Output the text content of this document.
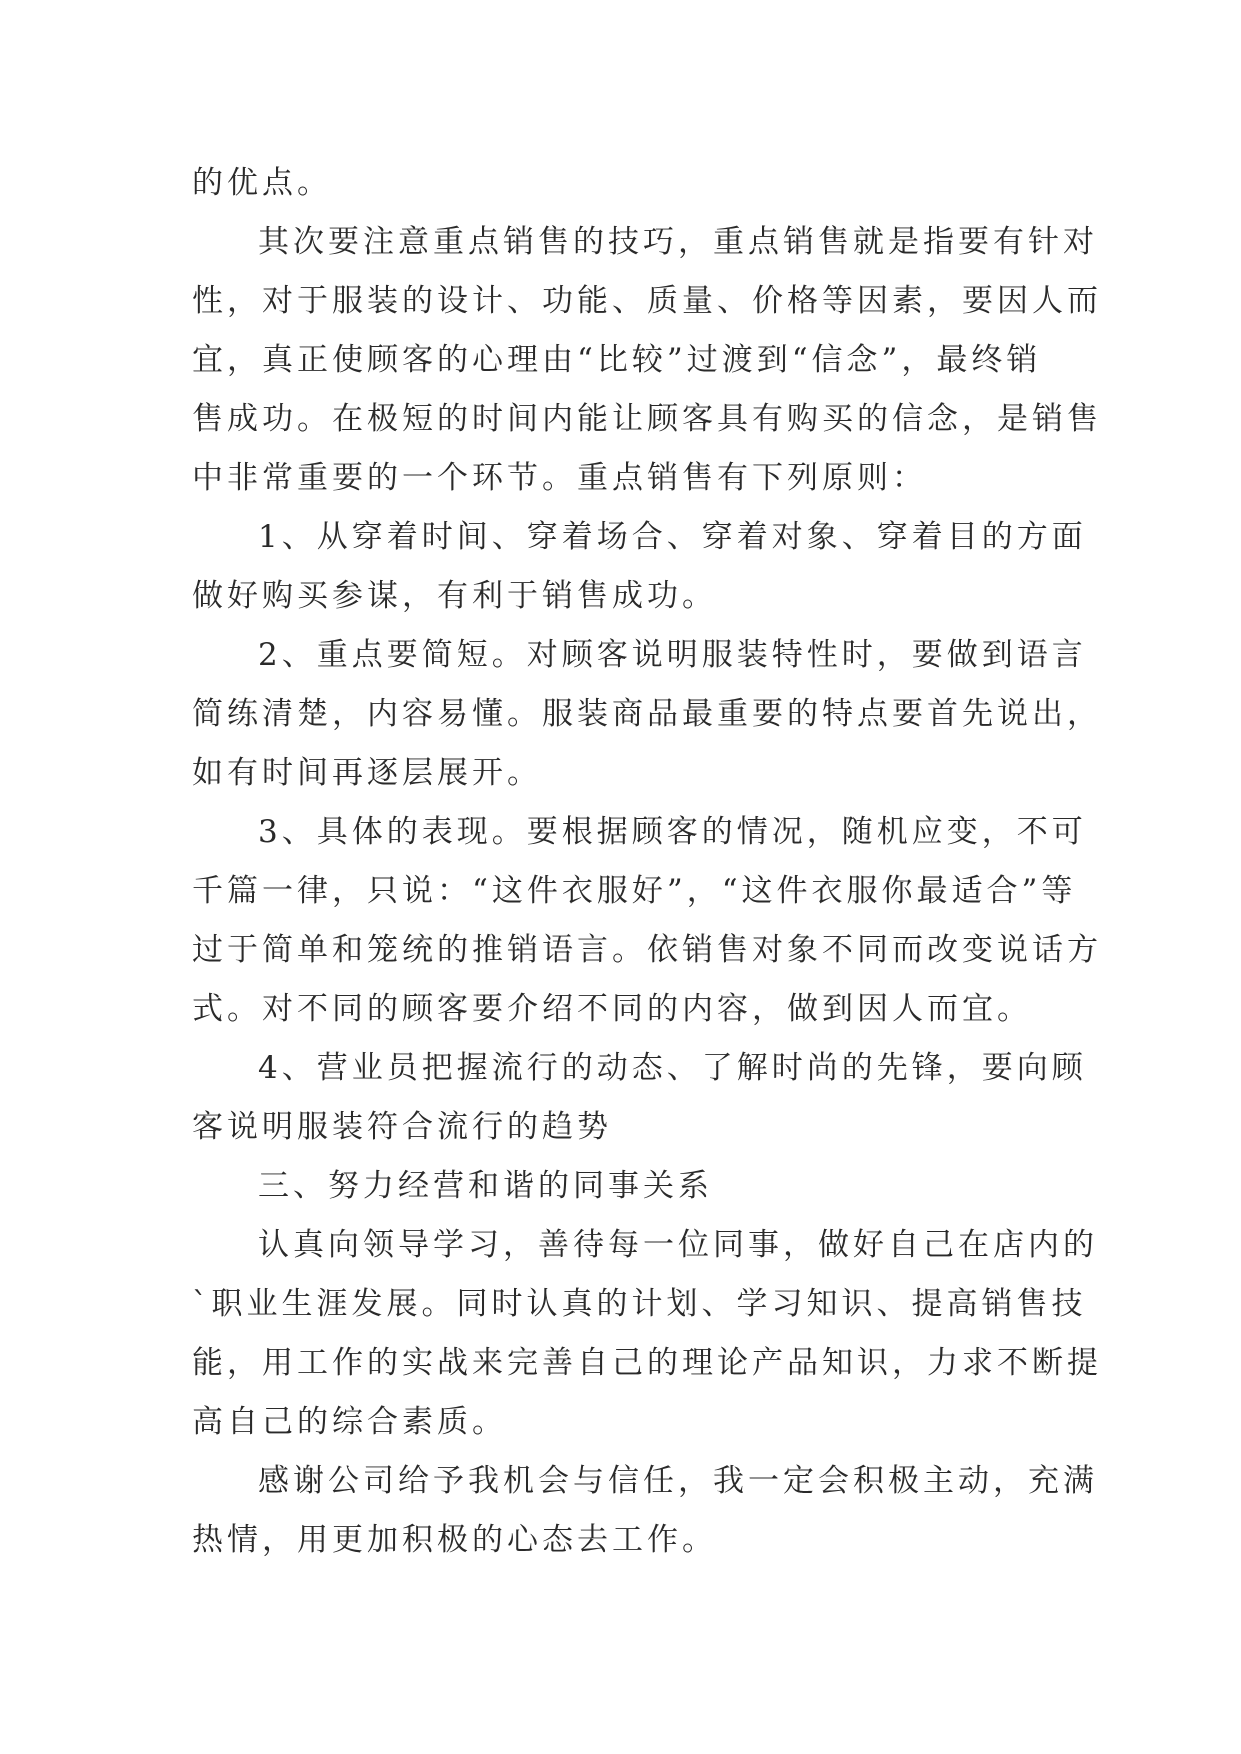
的优点。
其次要注意重点销售的技巧，重点销售就是指要有针对
性，对于服装的设计、功能、质量、价格等因素，要因人而
宜，真正使顾客的心理由“比较”过渡到“信念”，最终销
售成功。在极短的时间内能让顾客具有购买的信念，是销售
中非常重要的一个环节。重点销售有下列原则：
1、从穿着时间、穿着场合、穿着对象、穿着目的方面
做好购买参谋，有利于销售成功。
2、重点要简短。对顾客说明服装特性时，要做到语言
简练清楚，内容易懂。服装商品最重要的特点要首先说出，
如有时间再逐层展开。
3、具体的表现。要根据顾客的情况，随机应变，不可
千篇一律，只说：“这件衣服好”，“这件衣服你最适合”等
过于简单和笼统的推销语言。依销售对象不同而改变说话方
式。对不同的顾客要介绍不同的内容，做到因人而宜。
4、营业员把握流行的动态、了解时尚的先锋，要向顾
客说明服装符合流行的趋势
三、努力经营和谐的同事关系
认真向领导学习，善待每一位同事，做好自己在店内的
`职业生涯发展。同时认真的计划、学习知识、提高销售技
能，用工作的实战来完善自己的理论产品知识，力求不断提
高自己的综合素质。
感谢公司给予我机会与信任，我一定会积极主动，充满
热情，用更加积极的心态去工作。
